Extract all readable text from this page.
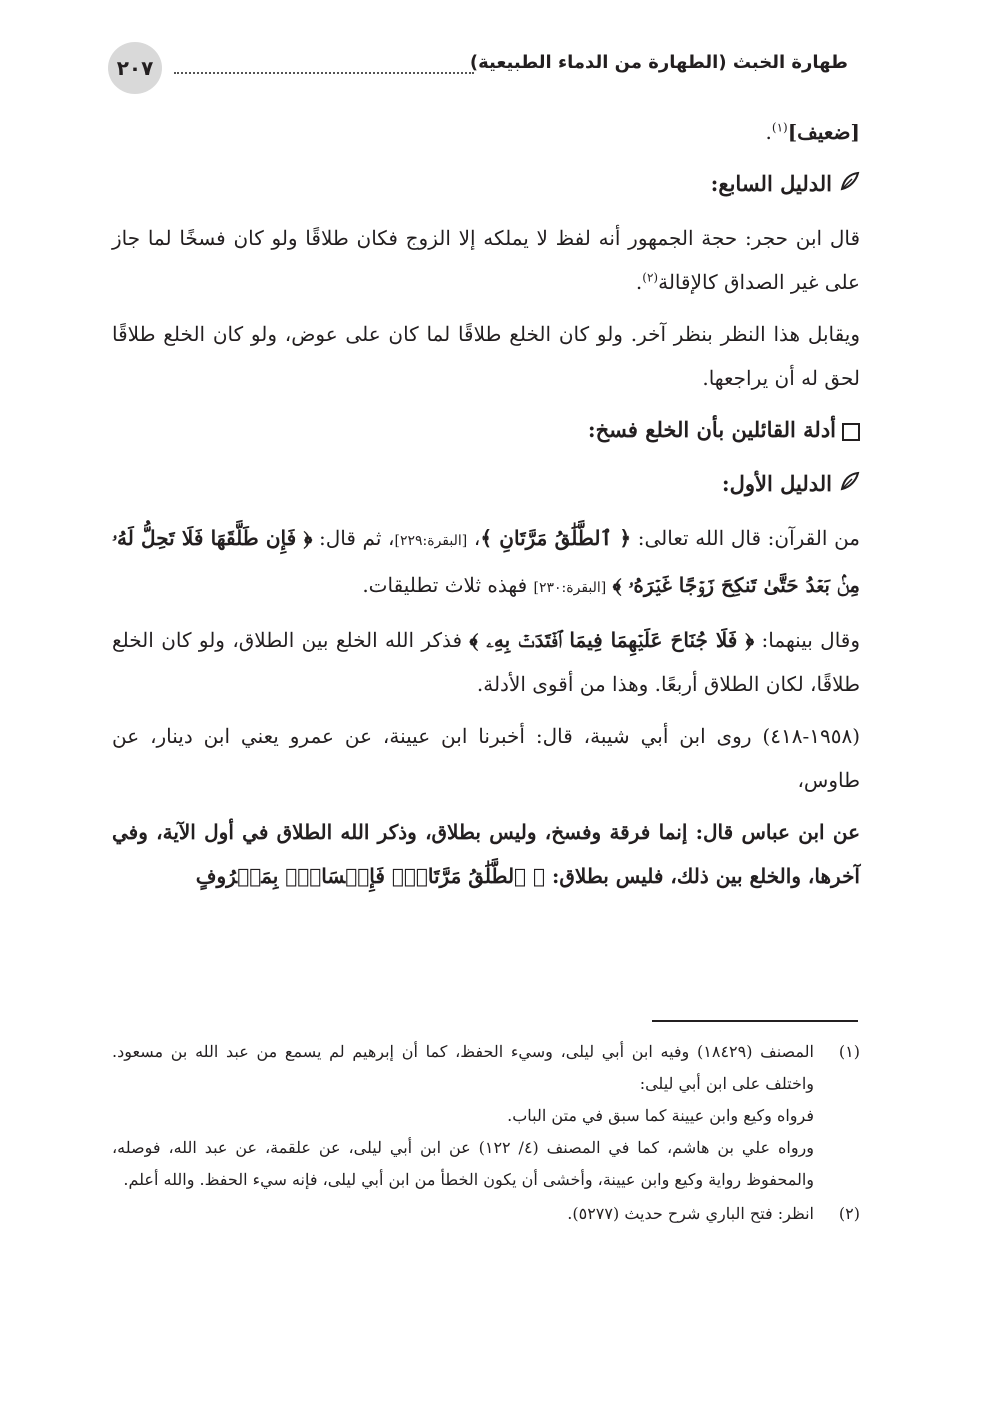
٢٠٧	طهارة الخبث (الطهارة من الدماء الطبيعية)

[ضعيف]$^{(١)}$.

الدليل السابع:

قال ابن حجر: حجة الجمهور أنه لفظ لا يملكه إلا الزوج فكان طلاقًا ولو كان فسخًا لما جاز على غير الصداق كالإقالة$^{(٢)}$.

ويقابل هذا النظر بنظر آخر. ولو كان الخلع طلاقًا لما كان على عوض، ولو كان الخلع طلاقًا لحق له أن يراجعها.

أدلة القائلين بأن الخلع فسخ:

الدليل الأول:

من القرآن: قال الله تعالى: ﴿ ٱلطَّلَٰقُ مَرَّتَانِ ﴾، [البقرة:٢٢٩]، ثم قال: ﴿ فَإِن طَلَّقَهَا فَلَا تَحِلُّ لَهُۥ مِنۢ بَعۡدُ حَتَّىٰ تَنكِحَ زَوۡجًا غَيۡرَهُۥ ﴾ [البقرة:٢٣٠] فهذه ثلاث تطليقات.

وقال بينهما: ﴿ فَلَا جُنَاحَ عَلَيۡهِمَا فِيمَا ٱفۡتَدَتۡ بِهِۦ ﴾ فذكر الله الخلع بين الطلاق، ولو كان الخلع طلاقًا، لكان الطلاق أربعًا. وهذا من أقوى الأدلة.

(١٩٥٨-٤١٨) روى ابن أبي شيبة، قال: أخبرنا ابن عيينة، عن عمرو يعني ابن دينار، عن طاوس،

عن ابن عباس قال: إنما فرقة وفسخ، وليس بطلاق، وذكر الله الطلاق في أول الآية، وفي آخرها، والخلع بين ذلك، فليس بطلاق: ﴿ ٱلطَّلَٰقُ مَرَّتَانِۖ فَإِمۡسَاكُۢ بِمَعۡرُوفٍ

(١)
المصنف (١٨٤٢٩) وفيه ابن أبي ليلى، وسيء الحفظ، كما أن إبرهيم لم يسمع من عبد الله بن مسعود. واختلف على ابن أبي ليلى:
فرواه وكيع وابن عيينة كما سبق في متن الباب.
ورواه علي بن هاشم، كما في المصنف (٤/ ١٢٢) عن ابن أبي ليلى، عن علقمة، عن عبد الله، فوصله، والمحفوظ رواية وكيع وابن عيينة، وأخشى أن يكون الخطأ من ابن أبي ليلى، فإنه سيء الحفظ. والله أعلم.
(٢)
انظر: فتح الباري شرح حديث (٥٢٧٧).
